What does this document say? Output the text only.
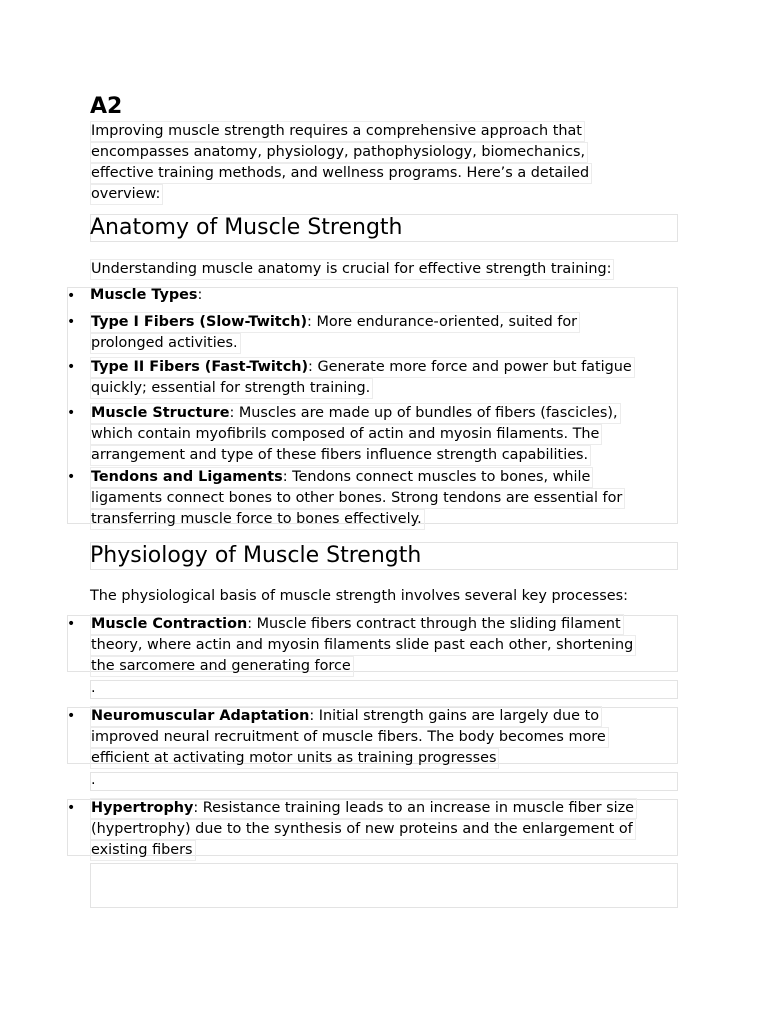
A2
Improving muscle strength requires a comprehensive approach that
encompasses anatomy, physiology, pathophysiology, biomechanics,
effective training methods, and wellness programs. Here’s a detailed
overview:
Anatomy of Muscle Strength
Understanding muscle anatomy is crucial for effective strength training:
• Muscle Types:
• Type I Fibers (Slow-Twitch): More endurance-oriented, suited for
prolonged activities.
• Type II Fibers (Fast-Twitch): Generate more force and power but fatigue
quickly; essential for strength training.
• Muscle Structure: Muscles are made up of bundles of fibers (fascicles),
which contain myofibrils composed of actin and myosin filaments. The
arrangement and type of these fibers influence strength capabilities.
• Tendons and Ligaments: Tendons connect muscles to bones, while
ligaments connect bones to other bones. Strong tendons are essential for
transferring muscle force to bones effectively.
Physiology of Muscle Strength
The physiological basis of muscle strength involves several key processes:
• Muscle Contraction: Muscle fibers contract through the sliding filament
theory, where actin and myosin filaments slide past each other, shortening
the sarcomere and generating force
.
• Neuromuscular Adaptation: Initial strength gains are largely due to
improved neural recruitment of muscle fibers. The body becomes more
efficient at activating motor units as training progresses
.
• Hypertrophy: Resistance training leads to an increase in muscle fiber size
(hypertrophy) due to the synthesis of new proteins and the enlargement of
existing fibers
